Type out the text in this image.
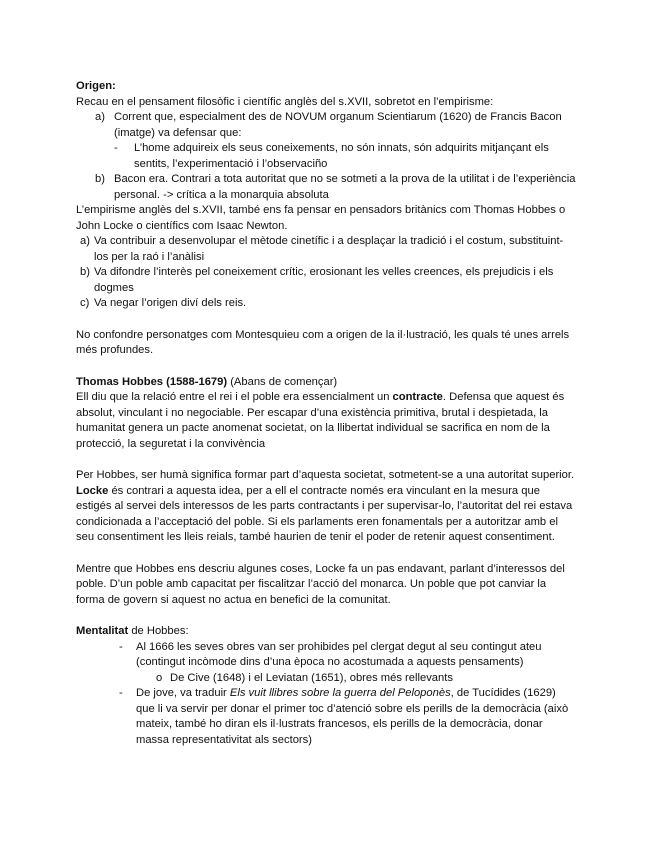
Origen:

Recau en el pensament filosòfic i científic anglès del s.XVII, sobretot en l’empirisme:

a) Corrent que, especialment des de NOVUM organum Scientiarum (1620) de Francis Bacon (imatge) va defensar que:
- L’home adquireix els seus coneixements, no són innats, són adquirits mitjançant els sentits, l’experimentació i l’observaciño
b) Bacon era. Contrari a tota autoritat que no se sotmeti a la prova de la utilitat i de l’experiència personal. -> crítica a la monarquia absoluta

L’empirisme anglès del s.XVII, també ens fa pensar en pensadors britànics com Thomas Hobbes o John Locke o científics com Isaac Newton.

a) Va contribuir a desenvolupar el mètode cinetífic i a desplaçar la tradició i el costum, substituint-los per la raó i l’anàlisi
b) Va difondre l’interès pel coneixement crític, erosionant les velles creences, els prejudicis i els dogmes
c) Va negar l’origen diví dels reis.

No confondre personatges com Montesquieu com a origen de la il·lustració, les quals té unes arrels més profundes.

Thomas Hobbes (1588-1679) (Abans de començar)

Ell diu que la relació entre el rei i el poble era essencialment un contracte. Defensa que aquest és absolut, vinculant i no negociable. Per escapar d’una existència primitiva, brutal i despietada, la humanitat genera un pacte anomenat societat, on la llibertat individual se sacrifica en nom de la protecció, la seguretat i la convivència

Per Hobbes, ser humà significa formar part d’aquesta societat, sotmetent-se a una autoritat superior. Locke és contrari a aquesta idea, per a ell el contracte només era vinculant en la mesura que estigés al servei dels interessos de les parts contractants i per supervisar-lo, l’autoritat del rei estava condicionada a l’acceptació del poble. Si els parlaments eren fonamentals per a autoritzar amb el seu consentiment les lleis reials, també haurien de tenir el poder de retenir aquest consentiment.

Mentre que Hobbes ens descriu algunes coses, Locke fa un pas endavant, parlant d’interessos del poble. D’un poble amb capacitat per fiscalitzar l’acció del monarca. Un poble que pot canviar la forma de govern si aquest no actua en benefici de la comunitat.

Mentalitat de Hobbes:

- Al 1666 les seves obres van ser prohibides pel clergat degut al seu contingut ateu (contingut incòmode dins d’una època no acostumada a aquests pensaments)
o De Cive (1648) i el Leviatan (1651), obres més rellevants
- De jove, va traduir Els vuit llibres sobre la guerra del Peloponès, de Tucídides (1629) que li va servir per donar el primer toc d’atenció sobre els perills de la democràcia (això mateix, també ho diran els il·lustrats francesos, els perills de la democràcia, donar massa representativitat als sectors)
